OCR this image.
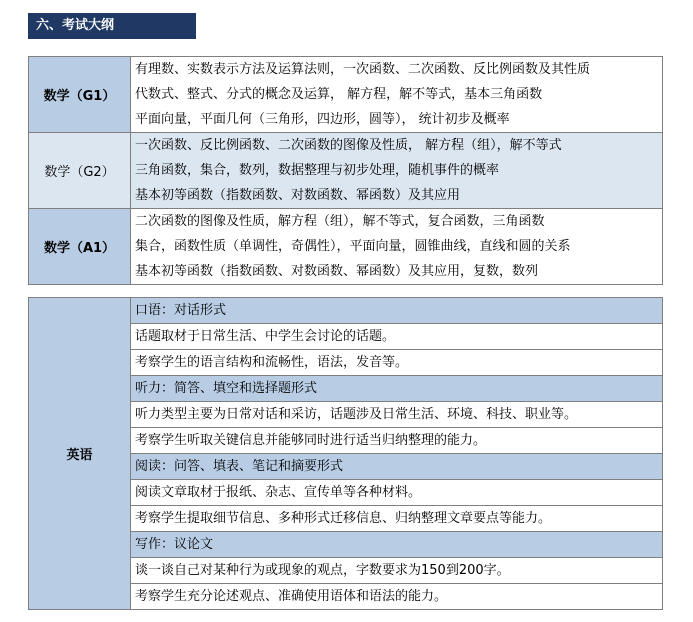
六、考试大纲
数学（G1）	有理数、实数表示方法及运算法则，一次函数、二次函数、反比例函数及其性质
代数式、整式、分式的概念及运算， 解方程，解不等式，基本三角函数
平面向量，平面几何（三角形，四边形，圆等）， 统计初步及概率

数学（G2）	一次函数、反比例函数、二次函数的图像及性质， 解方程（组），解不等式
三角函数，集合，数列，数据整理与初步处理，随机事件的概率
基本初等函数（指数函数、对数函数、幂函数）及其应用

数学（A1）	二次函数的图像及性质，解方程（组），解不等式，复合函数，三角函数
集合，函数性质（单调性，奇偶性），平面向量，圆锥曲线，直线和圆的关系
基本初等函数（指数函数、对数函数、幂函数）及其应用，复数，数列
英语	
口语：对话形式

话题取材于日常生活、中学生会讨论的话题。

考察学生的语言结构和流畅性，语法，发音等。

听力：简答、填空和选择题形式

听力类型主要为日常对话和采访，话题涉及日常生活、环境、科技、职业等。

考察学生听取关键信息并能够同时进行适当归纳整理的能力。

阅读：问答、填表、笔记和摘要形式

阅读文章取材于报纸、杂志、宣传单等各种材料。

考察学生提取细节信息、多种形式迁移信息、归纳整理文章要点等能力。

写作：议论文

谈一谈自己对某种行为或现象的观点，字数要求为150到200字。

考察学生充分论述观点、准确使用语体和语法的能力。
